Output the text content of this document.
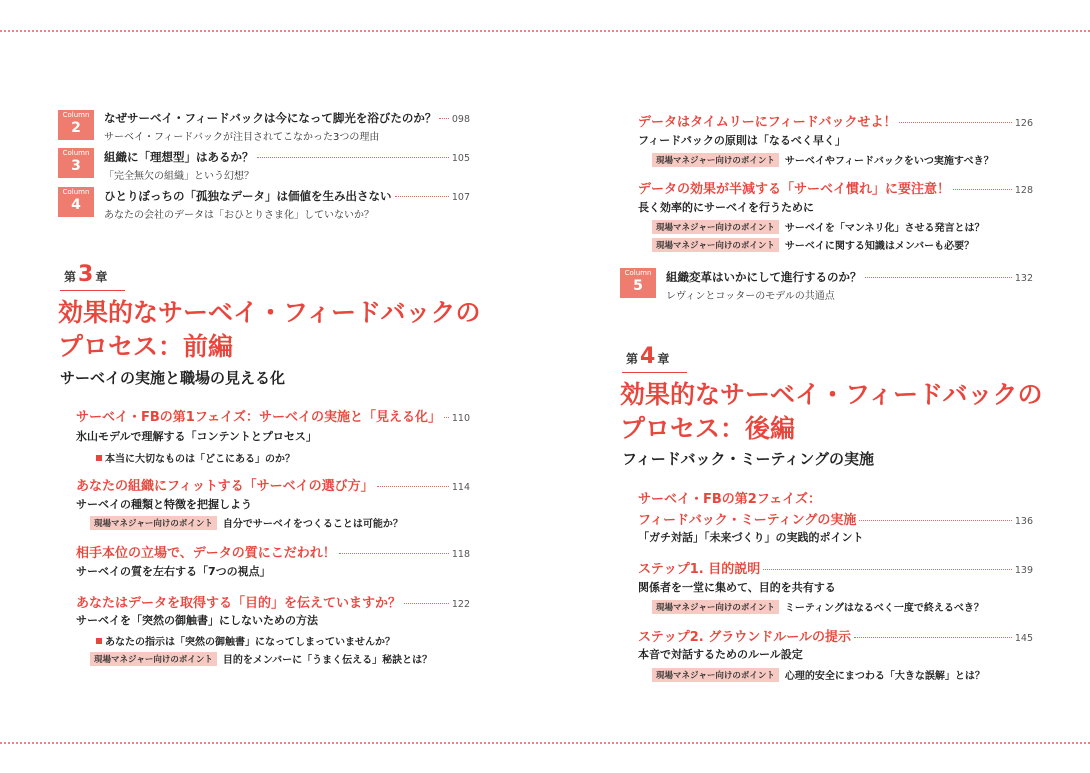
Column
2
なぜサーベイ・フィードバックは今になって脚光を浴びたのか？ 098
サーベイ・フィードバックが注目されてこなかった3つの理由
Column
3
組織に「理想型」はあるか？	105
「完全無欠の組織」という幻想？
Column
4
ひとりぼっちの「孤独なデータ」は価値を生み出さない	107
あなたの会社のデータは「おひとりさま化」していないか？
第3 章
効果的なサーベイ・フィードバックの
プロセス：前編
サーベイの実施と職場の見える化
サーベイ・FBの第1フェイズ：サーベイの実施と「見える化」 110
氷山モデルで理解する「コンテントとプロセス」
本当に大切なものは「どこにある」のか？
あなたの組織にフィットする「サーベイの選び方」	114
サーベイの種類と特徴を把握しよう
現場マネジャー向けのポイント	自分でサーベイをつくることは可能か？
相手本位の立場で、データの質にこだわれ！	118
サーベイの質を左右する「7つの視点」
あなたはデータを取得する「目的」を伝えていますか？	122
サーベイを「突然の御触書」にしないための方法
あなたの指示は「突然の御触書」になってしまっていませんか？
現場マネジャー向けのポイント	目的をメンバーに「うまく伝える」秘訣とは？
データはタイムリーにフィードバックせよ！	126
フィードバックの原則は「なるべく早く」
現場マネジャー向けのポイント	サーベイやフィードバックをいつ実施すべき？
データの効果が半減する「サーベイ慣れ」に要注意！	128
長く効率的にサーベイを行うために
現場マネジャー向けのポイント	サーベイを「マンネリ化」させる発言とは？
現場マネジャー向けのポイント	サーベイに関する知識はメンバーも必要？
Column
5
組織変革はいかにして進行するのか？	132
レヴィンとコッターのモデルの共通点
第4 章
効果的なサーベイ・フィードバックの
プロセス：後編
フィードバック・ミーティングの実施
サーベイ・FBの第2フェイズ：
フィードバック・ミーティングの実施	136
「ガチ対話」「未来づくり」の実践的ポイント
ステップ1. 目的説明	139
関係者を一堂に集めて、目的を共有する
現場マネジャー向けのポイント	ミーティングはなるべく一度で終えるべき？
ステップ2. グラウンドルールの提示	145
本音で対話するためのルール設定
現場マネジャー向けのポイント	心理的安全にまつわる「大きな誤解」とは？
